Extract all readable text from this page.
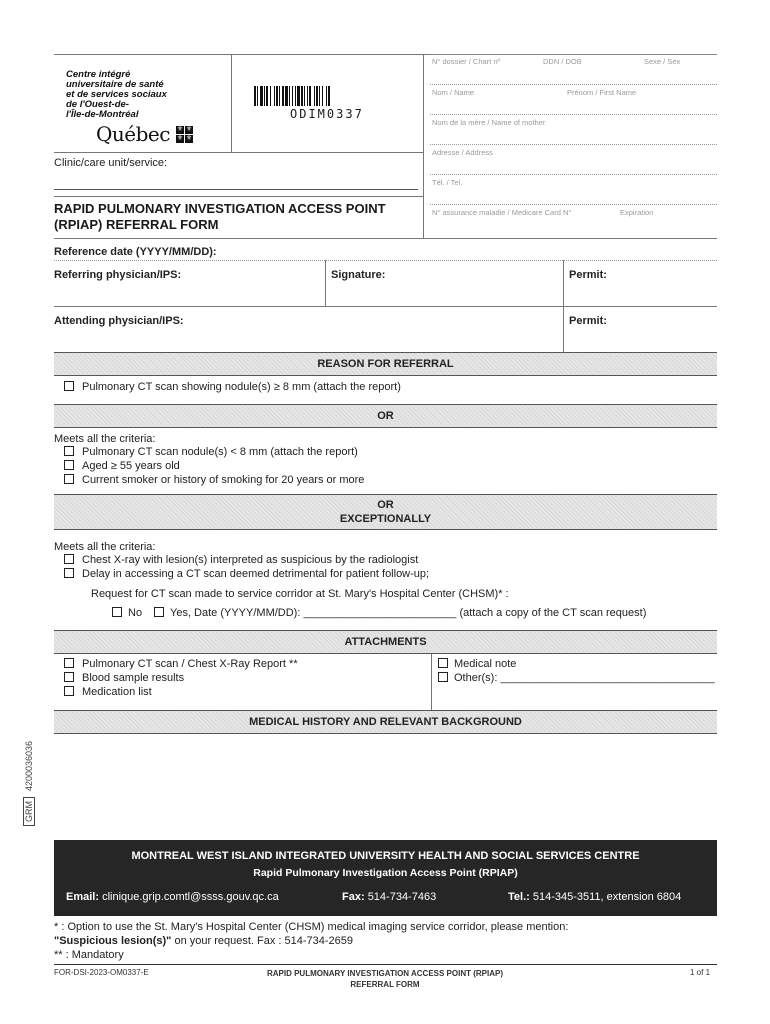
Centre intégré
universitaire de santé
et de services sociaux
de l'Ouest-de-
l'Île-de-Montréal
Québec ⚜ ⚜
⚜ ⚜
ODIM0337
Clinic/care unit/service:
RAPID PULMONARY INVESTIGATION ACCESS POINT
(RPIAP) REFERRAL FORM
N° dossier / Chart nº	DDN / DOB	Sexe / Sex
Nom / Name	Prénom / First Name
Nom de la mère / Name of mother
Adresse / Address
Tél. / Tel.
N° assurance maladie / Medicare Card N°	Expiration
Reference date (YYYY/MM/DD):
Referring physician/IPS:	Signature:	Permit:
Attending physician/IPS:	Permit:
REASON FOR REFERRAL
Pulmonary CT scan showing nodule(s) ≥ 8 mm (attach the report)
OR
Meets all the criteria:
Pulmonary CT scan nodule(s) < 8 mm (attach the report)
Aged ≥ 55 years old
Current smoker or history of smoking for 20 years or more
OR
EXCEPTIONALLY
Meets all the criteria:
Chest X-ray with lesion(s) interpreted as suspicious by the radiologist
Delay in accessing a CT scan deemed detrimental for patient follow-up;
Request for CT scan made to service corridor at St. Mary's Hospital Center (CHSM)* :
No	Yes, Date (YYYY/MM/DD): _________________________ (attach a copy of the CT scan request)
ATTACHMENTS
Pulmonary CT scan / Chest X-Ray Report **
Blood sample results
Medication list
Medical note
Other(s): ___________________________________
MEDICAL HISTORY AND RELEVANT BACKGROUND
GRM4200036036
MONTREAL WEST ISLAND INTEGRATED UNIVERSITY HEALTH AND SOCIAL SERVICES CENTRE
Rapid Pulmonary Investigation Access Point (RPIAP)
Email: clinique.grip.comtl@ssss.gouv.qc.ca	Fax: 514-734-7463	Tel.: 514-345-3511, extension 6804
* : Option to use the St. Mary's Hospital Center (CHSM) medical imaging service corridor, please mention:
"Suspicious lesion(s)" on your request. Fax : 514-734-2659
** : Mandatory
FOR-DSI-2023-OM0337-E	RAPID PULMONARY INVESTIGATION ACCESS POINT (RPIAP)
REFERRAL FORM
1 of 1
